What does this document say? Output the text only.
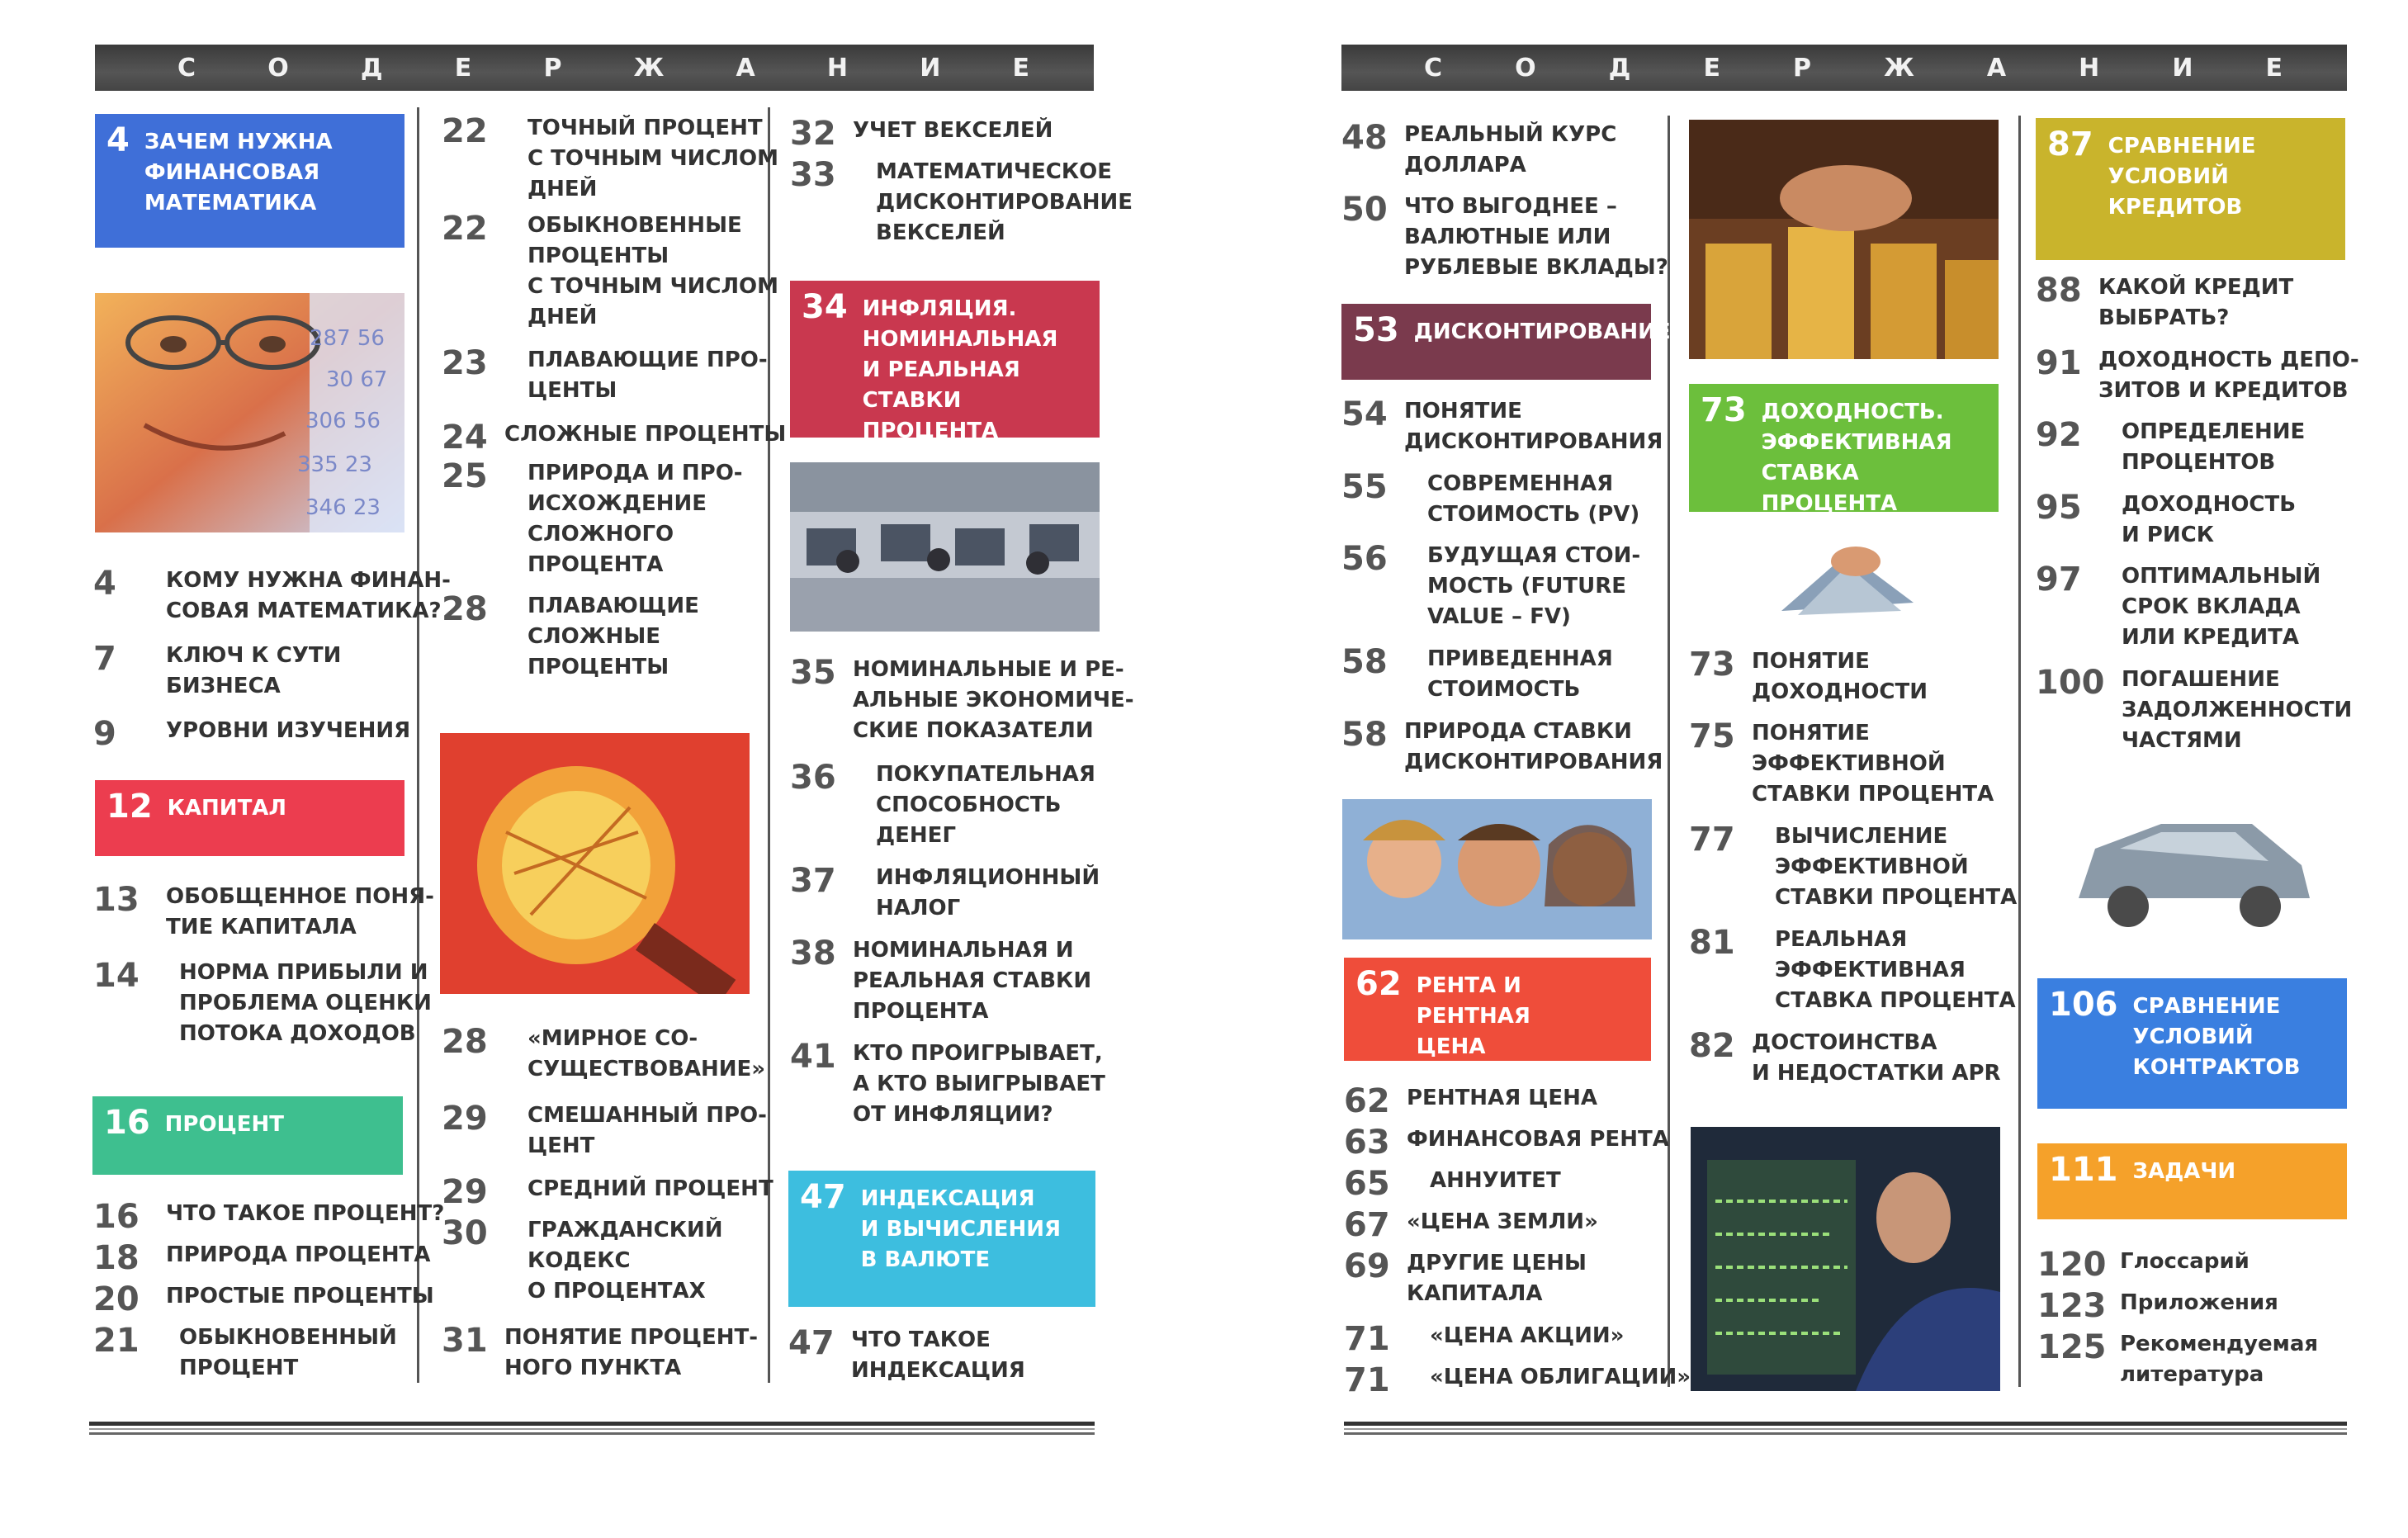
С	О	Д	Е	Р	Ж	А	Н	И	Е
4 ЗАЧЕМ НУЖНА
ФИНАНСОВАЯ
МАТЕМАТИКА
287 56
30 67
306 56
335 23
346 23
4	КОМУ НУЖНА ФИНАН-
СОВАЯ МАТЕМАТИКА?
7	КЛЮЧ К СУТИ
БИЗНЕСА
9	УРОВНИ ИЗУЧЕНИЯ
12 КАПИТАЛ
13	ОБОБЩЕННОЕ ПОНЯ-
ТИЕ КАПИТАЛА
14	НОРМА ПРИБЫЛИ И
ПРОБЛЕМА ОЦЕНКИ
ПОТОКА ДОХОДОВ
16 ПРОЦЕНТ
16	ЧТО ТАКОЕ ПРОЦЕНТ?
18	ПРИРОДА ПРОЦЕНТА
20	ПРОСТЫЕ ПРОЦЕНТЫ
21	ОБЫКНОВЕННЫЙ
ПРОЦЕНТ
22	ТОЧНЫЙ ПРОЦЕНТ
С ТОЧНЫМ ЧИСЛОМ
ДНЕЙ
22	ОБЫКНОВЕННЫЕ
ПРОЦЕНТЫ
С ТОЧНЫМ ЧИСЛОМ
ДНЕЙ
23	ПЛАВАЮЩИЕ ПРО-
ЦЕНТЫ
24 СЛОЖНЫЕ ПРОЦЕНТЫ
25	ПРИРОДА И ПРО-
ИСХОЖДЕНИЕ
СЛОЖНОГО
ПРОЦЕНТА
28	ПЛАВАЮЩИЕ
СЛОЖНЫЕ
ПРОЦЕНТЫ
28	«МИРНОЕ СО-
СУЩЕСТВОВАНИЕ»
29	СМЕШАННЫЙ ПРО-
ЦЕНТ
29	СРЕДНИЙ ПРОЦЕНТ
30	ГРАЖДАНСКИЙ
КОДЕКС
О ПРОЦЕНТАХ
31 ПОНЯТИЕ ПРОЦЕНТ-
НОГО ПУНКТА
32 УЧЕТ ВЕКСЕЛЕЙ
33	МАТЕМАТИЧЕСКОЕ
ДИСКОНТИРОВАНИЕ
ВЕКСЕЛЕЙ
34 ИНФЛЯЦИЯ.
НОМИНАЛЬНАЯ
И РЕАЛЬНАЯ СТАВКИ
ПРОЦЕНТА
35 НОМИНАЛЬНЫЕ И РЕ-
АЛЬНЫЕ ЭКОНОМИЧЕ-
СКИЕ ПОКАЗАТЕЛИ
36	ПОКУПАТЕЛЬНАЯ
СПОСОБНОСТЬ
ДЕНЕГ
37	ИНФЛЯЦИОННЫЙ
НАЛОГ
38 НОМИНАЛЬНАЯ И
РЕАЛЬНАЯ СТАВКИ
ПРОЦЕНТА
41 КТО ПРОИГРЫВАЕТ,
А КТО ВЫИГРЫВАЕТ
ОТ ИНФЛЯЦИИ?
47 ИНДЕКСАЦИЯ
И ВЫЧИСЛЕНИЯ
В ВАЛЮТЕ
47 ЧТО ТАКОЕ
ИНДЕКСАЦИЯ
С	О	Д	Е	Р	Ж	А	Н	И	Е
48 РЕАЛЬНЫЙ КУРС
ДОЛЛАРА
50 ЧТО ВЫГОДНЕЕ –
ВАЛЮТНЫЕ ИЛИ
РУБЛЕВЫЕ ВКЛАДЫ?
53 ДИСКОНТИРОВАНИЕ
54 ПОНЯТИЕ
ДИСКОНТИРОВАНИЯ
55	СОВРЕМЕННАЯ
СТОИМОСТЬ (PV)
56	БУДУЩАЯ СТОИ-
МОСТЬ (FUTURE
VALUE – FV)
58	ПРИВЕДЕННАЯ
СТОИМОСТЬ
58 ПРИРОДА СТАВКИ
ДИСКОНТИРОВАНИЯ
62 РЕНТА И РЕНТНАЯ
ЦЕНА
62 РЕНТНАЯ ЦЕНА
63 ФИНАНСОВАЯ РЕНТА
65	АННУИТЕТ
67 «ЦЕНА ЗЕМЛИ»
69 ДРУГИЕ ЦЕНЫ
КАПИТАЛА
71	«ЦЕНА АКЦИИ»
71	«ЦЕНА ОБЛИГАЦИИ»
73 ДОХОДНОСТЬ.
ЭФФЕКТИВНАЯ
СТАВКА ПРОЦЕНТА
73 ПОНЯТИЕ
ДОХОДНОСТИ
75 ПОНЯТИЕ
ЭФФЕКТИВНОЙ
СТАВКИ ПРОЦЕНТА
77	ВЫЧИСЛЕНИЕ
ЭФФЕКТИВНОЙ
СТАВКИ ПРОЦЕНТА
81	РЕАЛЬНАЯ
ЭФФЕКТИВНАЯ
СТАВКА ПРОЦЕНТА
82 ДОСТОИНСТВА
И НЕДОСТАТКИ APR
87 СРАВНЕНИЕ
УСЛОВИЙ
КРЕДИТОВ
88 КАКОЙ КРЕДИТ
ВЫБРАТЬ?
91 ДОХОДНОСТЬ ДЕПО-
ЗИТОВ И КРЕДИТОВ
92	ОПРЕДЕЛЕНИЕ
ПРОЦЕНТОВ
95	ДОХОДНОСТЬ
И РИСК
97	ОПТИМАЛЬНЫЙ
СРОК ВКЛАДА
ИЛИ КРЕДИТА
100 ПОГАШЕНИЕ
ЗАДОЛЖЕННОСТИ
ЧАСТЯМИ
106 СРАВНЕНИЕ
УСЛОВИЙ
КОНТРАКТОВ
111 ЗАДАЧИ
120 Глоссарий
123 Приложения
125 Рекомендуемая
литература
